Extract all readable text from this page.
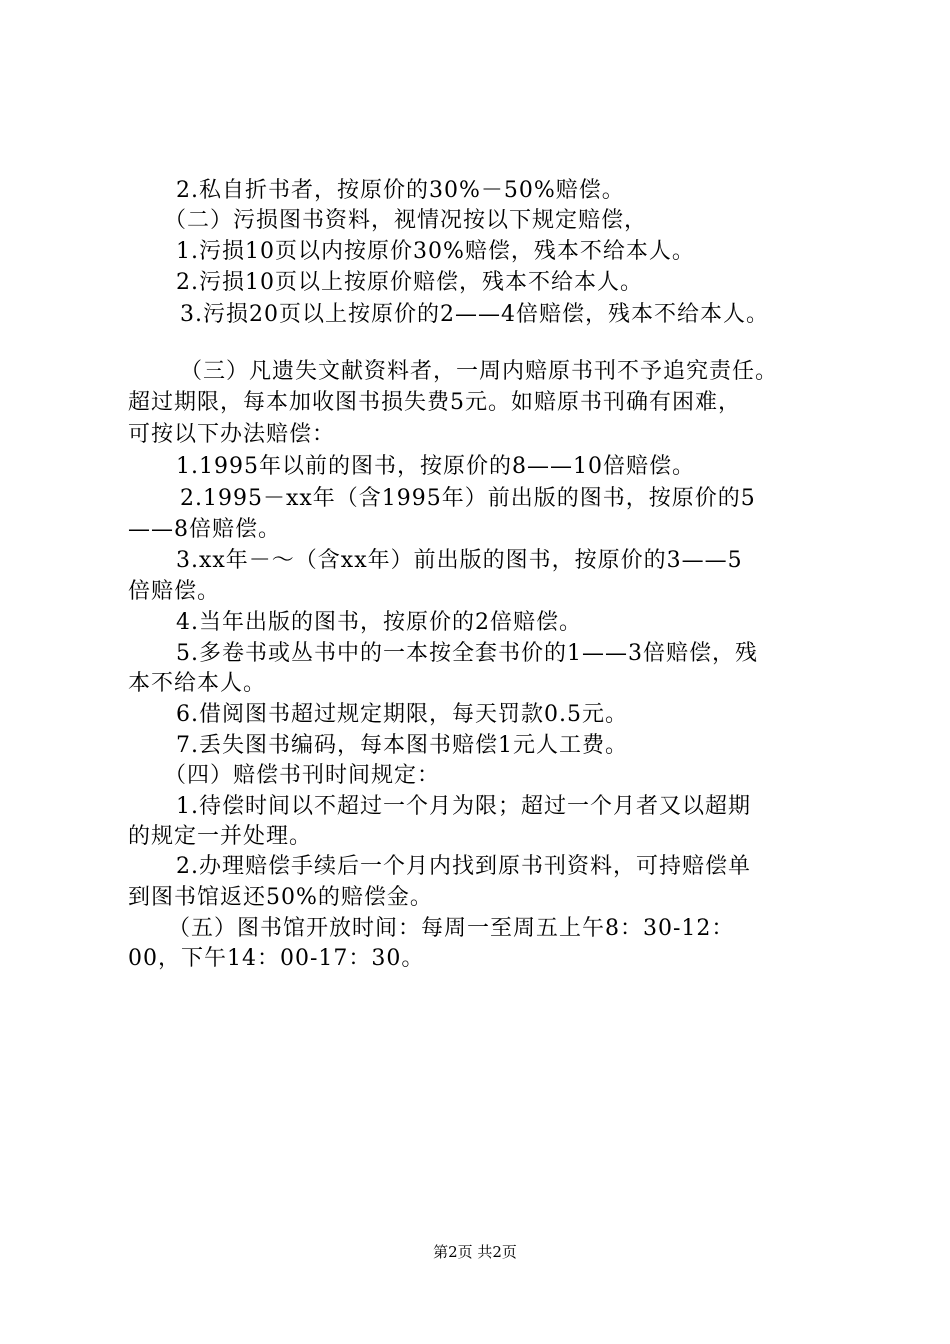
2.私自折书者，按原价的30%－50%赔偿。
（二）污损图书资料，视情况按以下规定赔偿，
1.污损10页以内按原价30%赔偿，残本不给本人。
2.污损10页以上按原价赔偿，残本不给本人。
3.污损20页以上按原价的2——4倍赔偿，残本不给本人。
（三）凡遗失文献资料者，一周内赔原书刊不予追究责任。
超过期限，每本加收图书损失费5元。如赔原书刊确有困难，
可按以下办法赔偿：
1.1995年以前的图书，按原价的8——10倍赔偿。
2.1995－xx年（含1995年）前出版的图书，按原价的5
——8倍赔偿。
3.xx年－～（含xx年）前出版的图书，按原价的3——5
倍赔偿。
4.当年出版的图书，按原价的2倍赔偿。
5.多卷书或丛书中的一本按全套书价的1——3倍赔偿，残
本不给本人。
6.借阅图书超过规定期限，每天罚款0.5元。
7.丢失图书编码，每本图书赔偿1元人工费。
（四）赔偿书刊时间规定：
1.待偿时间以不超过一个月为限；超过一个月者又以超期
的规定一并处理。
2.办理赔偿手续后一个月内找到原书刊资料，可持赔偿单
到图书馆返还50%的赔偿金。
（五）图书馆开放时间：每周一至周五上午8：30-12：
00，下午14：00-17：30。
第2页 共2页
